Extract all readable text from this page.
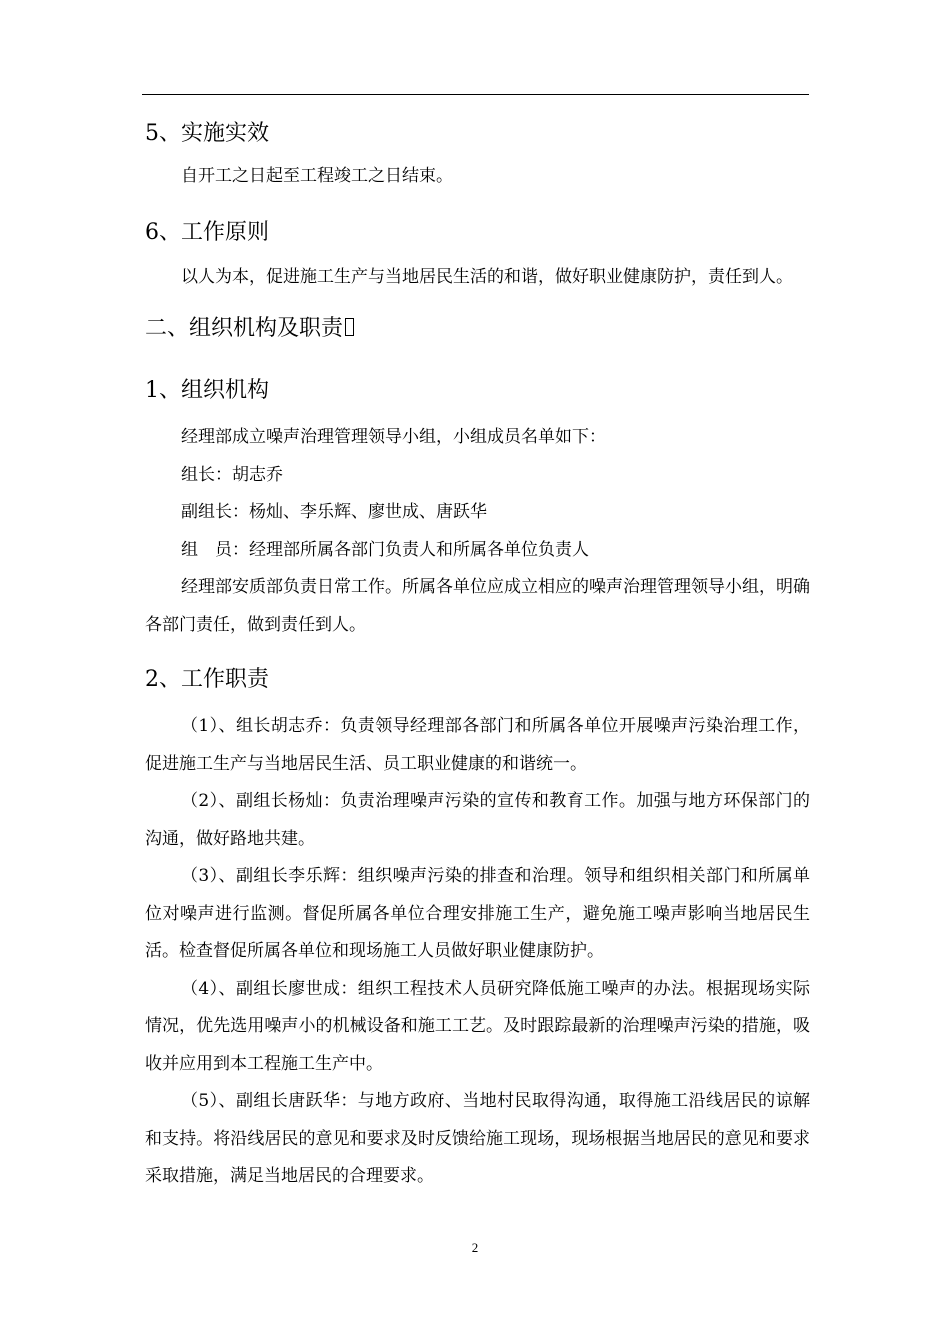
5、实施实效

自开工之日起至工程竣工之日结束。

6、工作原则

以人为本，促进施工生产与当地居民生活的和谐，做好职业健康防护，责任到人。

二、组织机构及职责
1、组织机构

经理部成立噪声治理管理领导小组，小组成员名单如下：

组长：胡志乔

副组长：杨灿、李乐辉、廖世成、唐跃华

组　员：经理部所属各部门负责人和所属各单位负责人

经理部安质部负责日常工作。所属各单位应成立相应的噪声治理管理领导小组，明确各部门责任，做到责任到人。

2、工作职责

（1）、组长胡志乔：负责领导经理部各部门和所属各单位开展噪声污染治理工作，促进施工生产与当地居民生活、员工职业健康的和谐统一。

（2）、副组长杨灿：负责治理噪声污染的宣传和教育工作。加强与地方环保部门的沟通，做好路地共建。

（3）、副组长李乐辉：组织噪声污染的排查和治理。领导和组织相关部门和所属单位对噪声进行监测。督促所属各单位合理安排施工生产，避免施工噪声影响当地居民生活。检查督促所属各单位和现场施工人员做好职业健康防护。

（4）、副组长廖世成：组织工程技术人员研究降低施工噪声的办法。根据现场实际情况，优先选用噪声小的机械设备和施工工艺。及时跟踪最新的治理噪声污染的措施，吸收并应用到本工程施工生产中。

（5）、副组长唐跃华：与地方政府、当地村民取得沟通，取得施工沿线居民的谅解和支持。将沿线居民的意见和要求及时反馈给施工现场，现场根据当地居民的意见和要求采取措施，满足当地居民的合理要求。

2
